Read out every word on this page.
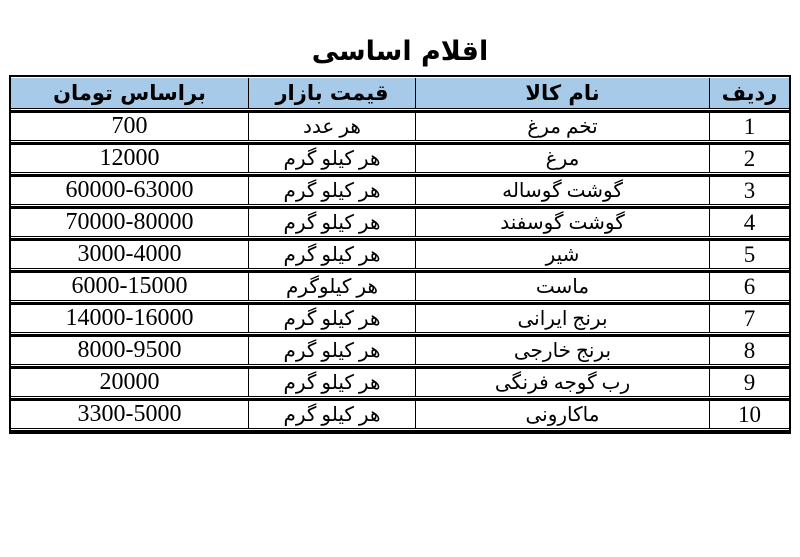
اقلام اساسی
ردیف	نام کالا	قیمت بازار	براساس تومان
1	تخم مرغ	هر عدد	700
2	مرغ	هر کیلو گرم	12000
3	گوشت گوساله	هر کیلو گرم	60000-63000
4	گوشت گوسفند	هر کیلو گرم	70000-80000
5	شیر	هر کیلو گرم	3000-4000
6	ماست	هر کیلوگرم	6000-15000
7	برنج ایرانی	هر کیلو گرم	14000-16000
8	برنج خارجی	هر کیلو گرم	8000-9500
9	رب گوجه فرنگی	هر کیلو گرم	20000
10	ماکارونی	هر کیلو گرم	3300-5000
